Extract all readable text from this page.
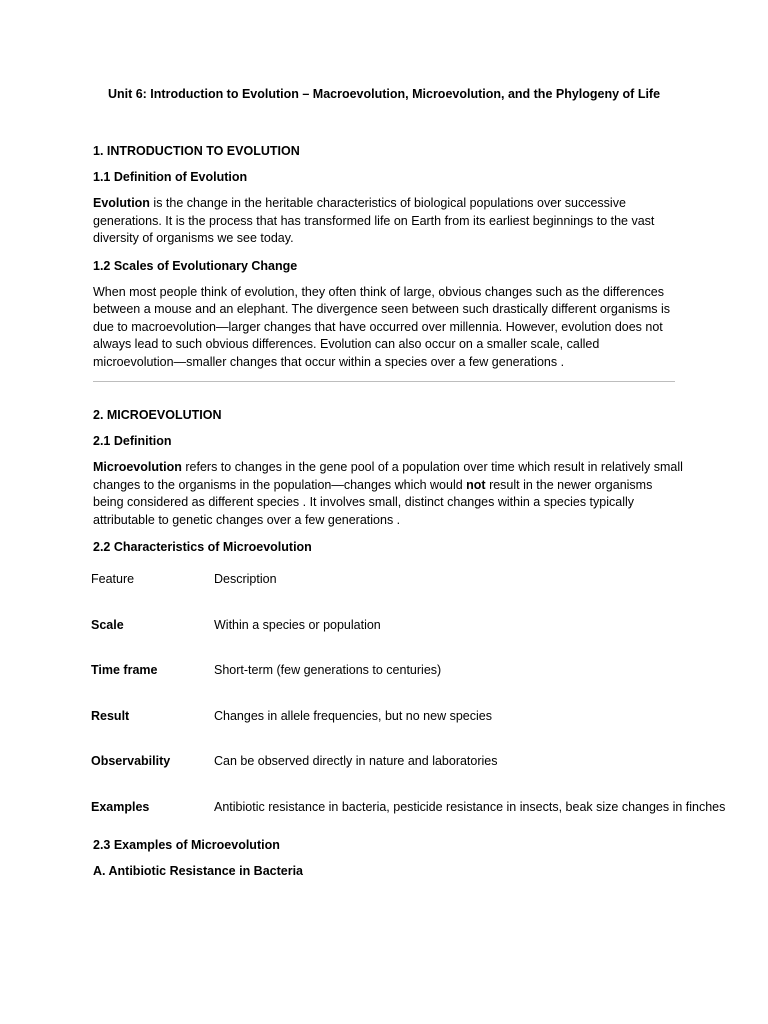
Unit 6: Introduction to Evolution – Macroevolution, Microevolution, and the Phylogeny of Life
1. INTRODUCTION TO EVOLUTION
1.1 Definition of Evolution

Evolution is the change in the heritable characteristics of biological populations over successive generations. It is the process that has transformed life on Earth from its earliest beginnings to the vast diversity of organisms we see today.

1.2 Scales of Evolutionary Change

When most people think of evolution, they often think of large, obvious changes such as the differences between a mouse and an elephant. The divergence seen between such drastically different organisms is due to macroevolution—larger changes that have occurred over millennia. However, evolution does not always lead to such obvious differences. Evolution can also occur on a smaller scale, called microevolution—smaller changes that occur within a species over a few generations .

2. MICROEVOLUTION
2.1 Definition

Microevolution refers to changes in the gene pool of a population over time which result in relatively small changes to the organisms in the population—changes which would not result in the newer organisms being considered as different species . It involves small, distinct changes within a species typically attributable to genetic changes over a few generations .

2.2 Characteristics of Microevolution
Feature	Description
Scale	Within a species or population
Time frame	Short-term (few generations to centuries)
Result	Changes in allele frequencies, but no new species
Observability	Can be observed directly in nature and laboratories
Examples	Antibiotic resistance in bacteria, pesticide resistance in insects, beak size changes in finches
2.3 Examples of Microevolution
A. Antibiotic Resistance in Bacteria
